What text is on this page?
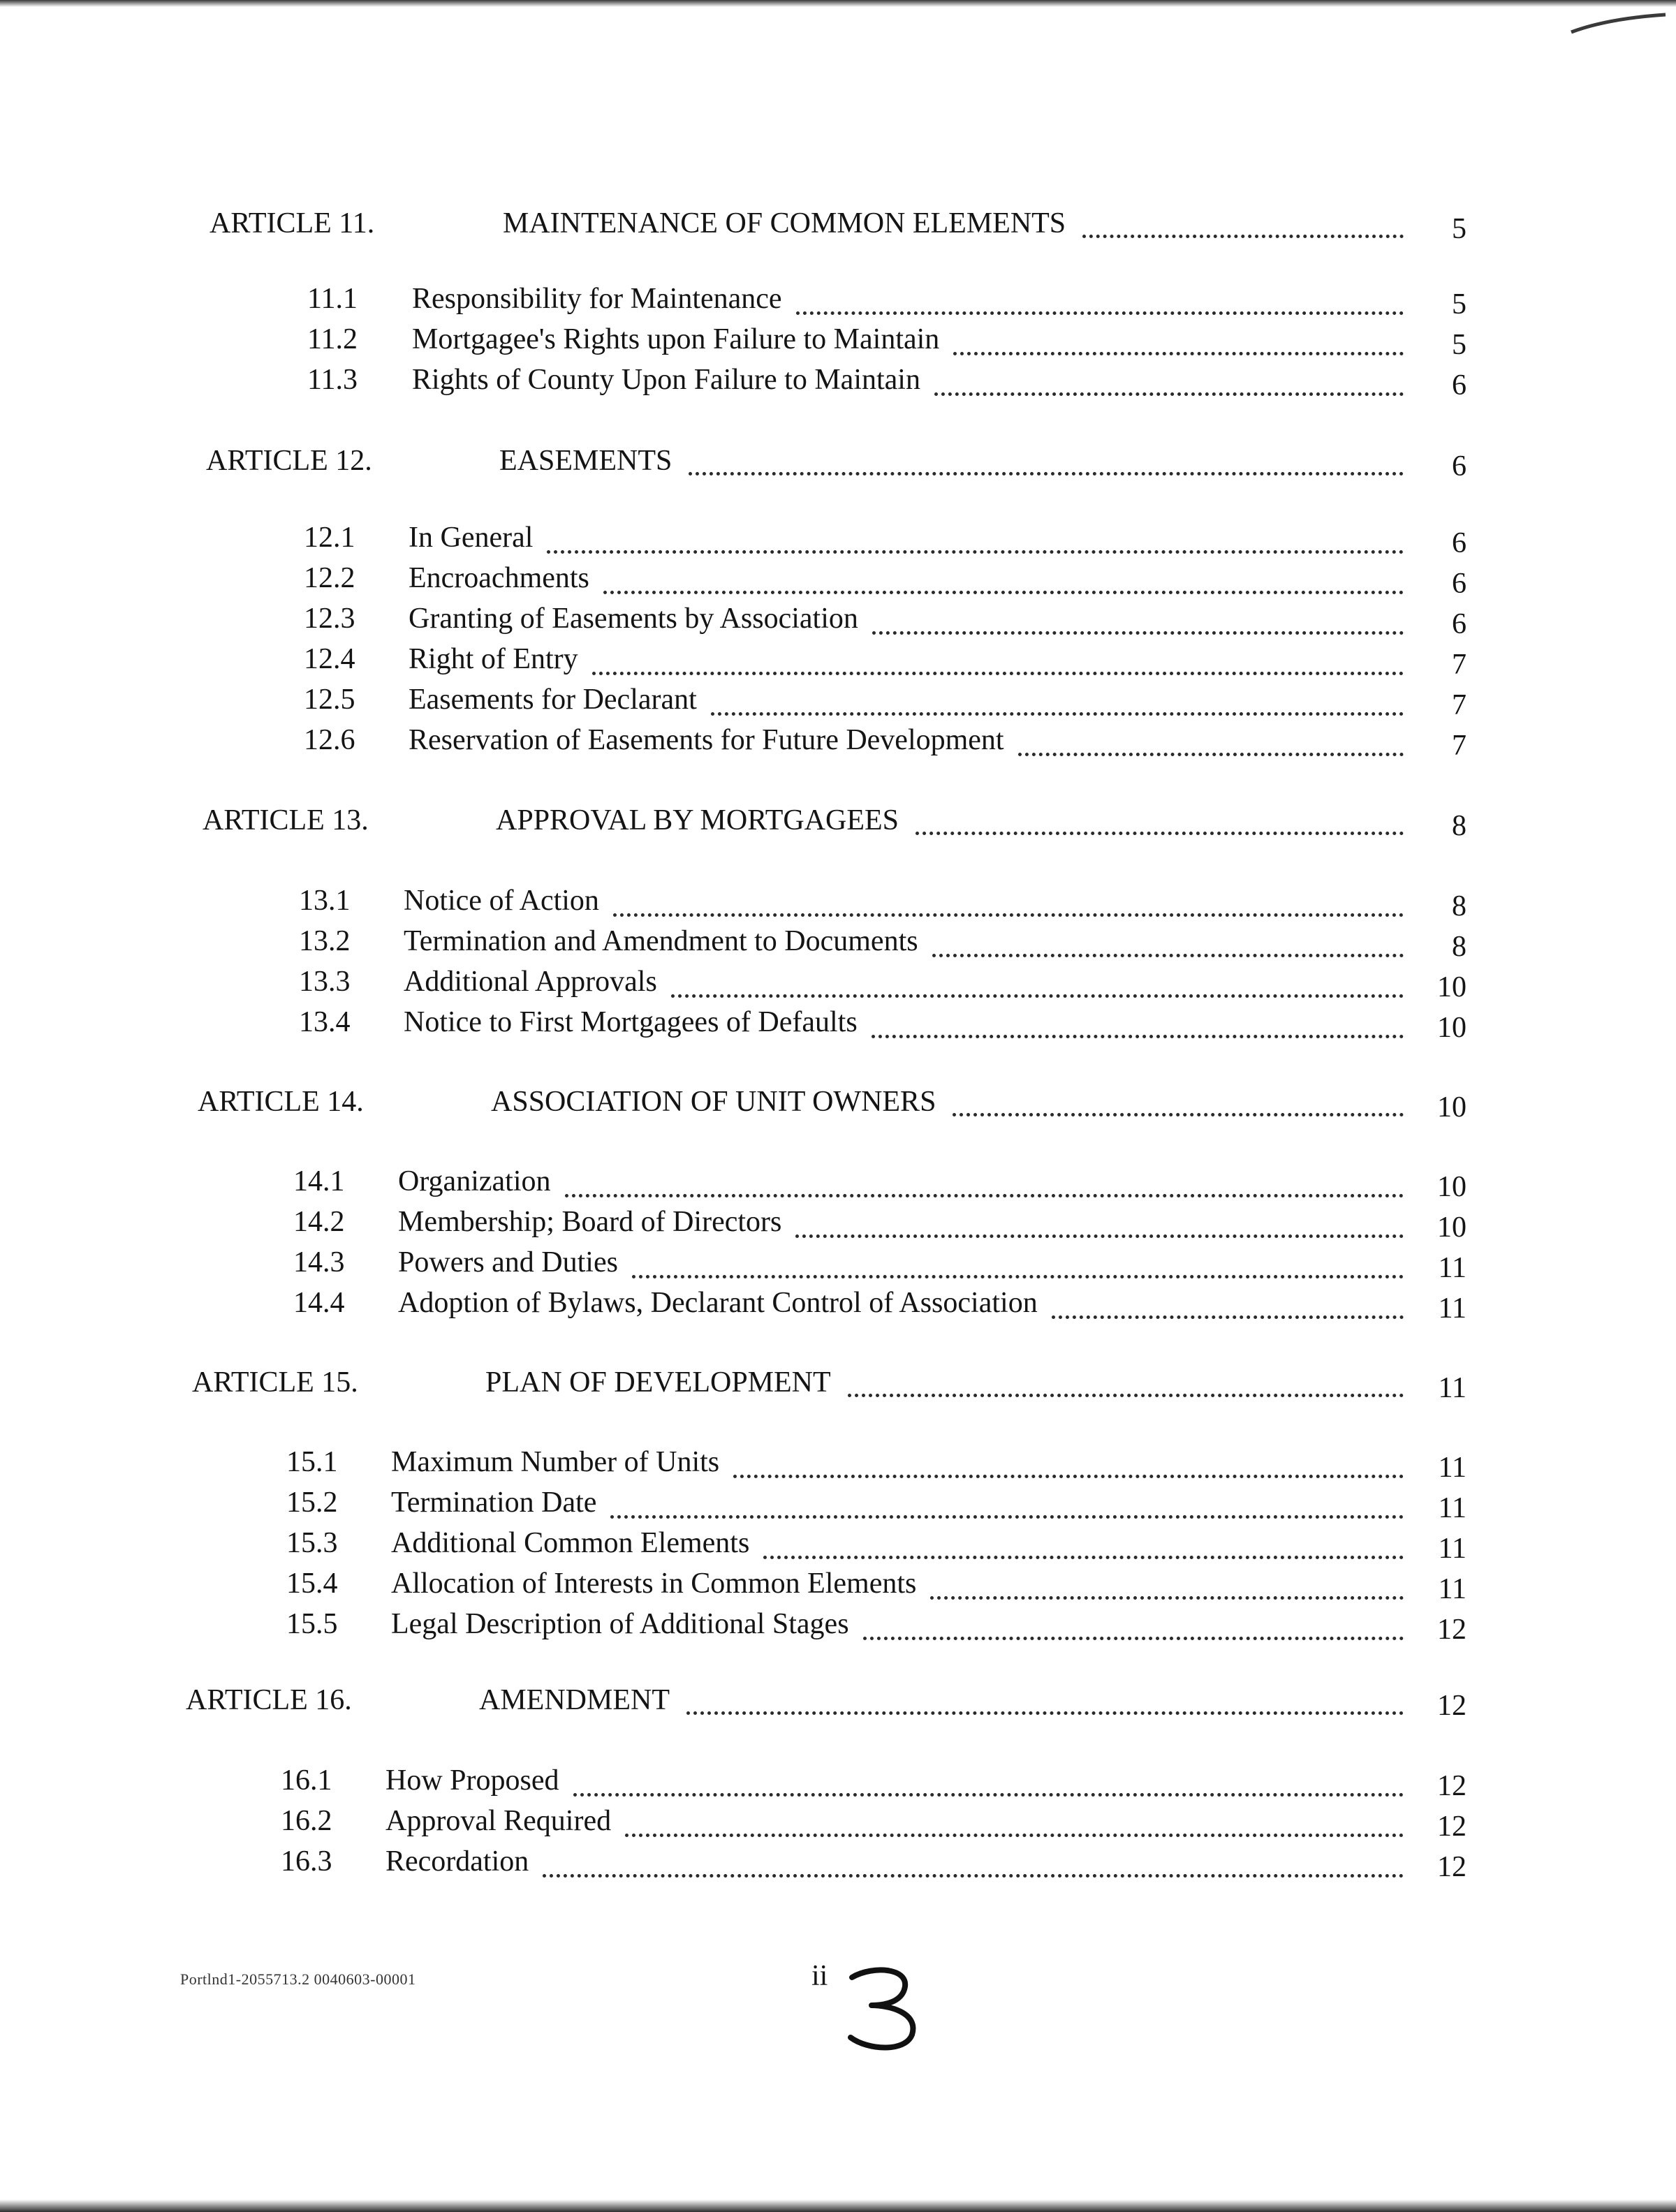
ARTICLE 11.	MAINTENANCE OF COMMON ELEMENTS	5
11.1 Responsibility for Maintenance	5
11.2 Mortgagee's Rights upon Failure to Maintain	5
11.3 Rights of County Upon Failure to Maintain	6
ARTICLE 12.	EASEMENTS	6
12.1 In General	6
12.2 Encroachments	6
12.3 Granting of Easements by Association	6
12.4 Right of Entry	7
12.5 Easements for Declarant	7
12.6 Reservation of Easements for Future Development	7
ARTICLE 13.	APPROVAL BY MORTGAGEES	8
13.1 Notice of Action	8
13.2 Termination and Amendment to Documents	8
13.3 Additional Approvals	10
13.4 Notice to First Mortgagees of Defaults	10
ARTICLE 14.	ASSOCIATION OF UNIT OWNERS	10
14.1 Organization	10
14.2 Membership; Board of Directors	10
14.3 Powers and Duties	11
14.4 Adoption of Bylaws, Declarant Control of Association	11
ARTICLE 15.	PLAN OF DEVELOPMENT	11
15.1 Maximum Number of Units	11
15.2 Termination Date	11
15.3 Additional Common Elements	11
15.4 Allocation of Interests in Common Elements	11
15.5 Legal Description of Additional Stages	12
ARTICLE 16.	AMENDMENT	12
16.1 How Proposed	12
16.2 Approval Required	12
16.3 Recordation	12
Portlnd1-2055713.2 0040603-00001	ii
